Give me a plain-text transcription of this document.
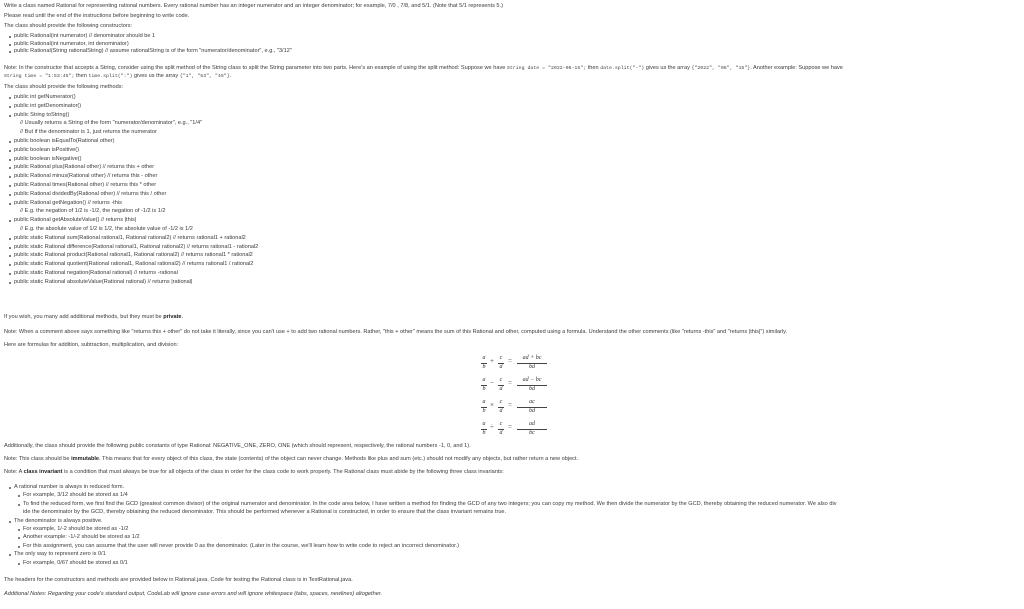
Write a class named Rational for representing rational numbers. Every rational number has an integer numerator and an integer denominator; for example, 7/0 , 7/8, and 5/1. (Note that 5/1 represents 5.)
Please read until the end of the instructions before beginning to write code.
The class should provide the following constructors:
public Rational(int numerator) // denominator should be 1
public Rational(int numerator, int denominator)
public Rational(String rationalString) // assume rationalString is of the form "numerator/denominator", e.g., "3/12"
Note: In the constructor that accepts a String, consider using the split method of the String class to split the String parameter into two parts. Here's an example of using the split method: Suppose we have String date = "2022-06-15"; then date.split("-") gives us the array {"2022", "06", "15"}. Another example: Suppose we have
String time = "1:53:45"; then time.split(":") gives us the array {"1", "53", "45"}.
The class should provide the following methods:
public int getNumerator()
public int getDenominator()
public String toString()
// Usually returns a String of the form "numerator/denominator", e.g., "1/4"
// But if the denominator is 1, just returns the numerator
public boolean isEqualTo(Rational other)
public boolean isPositive()
public boolean isNegative()
public Rational plus(Rational other) // returns this + other
public Rational minus(Rational other) // returns this - other
public Rational times(Rational other) // returns this * other
public Rational dividedBy(Rational other) // returns this / other
public Rational getNegation() // returns -this
// E.g. the negation of 1/2 is -1/2, the negation of -1/2 is 1/2
public Rational getAbsoluteValue() // returns |this|
// E.g. the absolute value of 1/2 is 1/2, the absolute value of -1/2 is 1/2
public static Rational sum(Rational rational1, Rational rational2) // returns rational1 + rational2
public static Rational difference(Rational rational1, Rational rational2) // returns rational1 - rational2
public static Rational product(Rational rational1, Rational rational2) // returns rational1 * rational2
public static Rational quotient(Rational rational1, Rational rational2) // returns rational1 / rational2
public static Rational negation(Rational rational) // returns -rational
public static Rational absoluteValue(Rational rational) // returns |rational|
If you wish, you many add additional methods, but they must be private.
Note: When a comment above says something like "returns this + other" do not take it literally, since you can't use + to add two rational numbers. Rather, "this + other" means the sum of this Rational and other, computed using a formula. Understand the other comments (like "returns -this" and "returns |this|") similarly.
Here are formulas for addition, subtraction, multiplication, and division:
a
b
c
d
ad + bc
bd
+ =
a
b
c
d
ad − bc
bd
− =
a
b
c
d
ac
bd
× =
a
b
c
d
ad
bc
÷ =
Additionally, the class should provide the following public constants of type Rational: NEGATIVE_ONE, ZERO, ONE (which should represent, respectively, the rational numbers -1, 0, and 1).
Note: This class should be immutable. This means that for every object of this class, the state (contents) of the object can never change. Methods like plus and sum (etc.) should not modify any objects, but rather return a new object.
Note: A class invariant is a condition that must always be true for all objects of the class in order for the class code to work properly. The Rational class must abide by the following three class invariants:
A rational number is always in reduced form.
For example, 3/12 should be stored as 1/4
To find the reduced form, we first find the GCD (greatest common divisor) of the original numerator and denominator. In the code area below, I have written a method for finding the GCD of any two integers; you can copy my method. We then divide the numerator by the GCD, thereby obtaining the reduced numerator. We also div
ide the denominator by the GCD, thereby obtaining the reduced denominator. This should be performed whenever a Rational is constructed, in order to ensure that the class invariant remains true.
The denominator is always positive.
For example, 1/-2 should be stored as -1/2
Another example: -1/-2 should be stored as 1/2
For this assignment, you can assume that the user will never provide 0 as the denominator. (Later in the course, we'll learn how to write code to reject an incorrect denominator.)
The only way to represent zero is 0/1
For example, 0/67 should be stored as 0/1
The headers for the constructors and methods are provided below in Rational.java. Code for testing the Rational class is in TestRational.java.
Additional Notes: Regarding your code's standard output, CodeLab will ignore case errors and will ignore whitespace (tabs, spaces, newlines) altogether.
